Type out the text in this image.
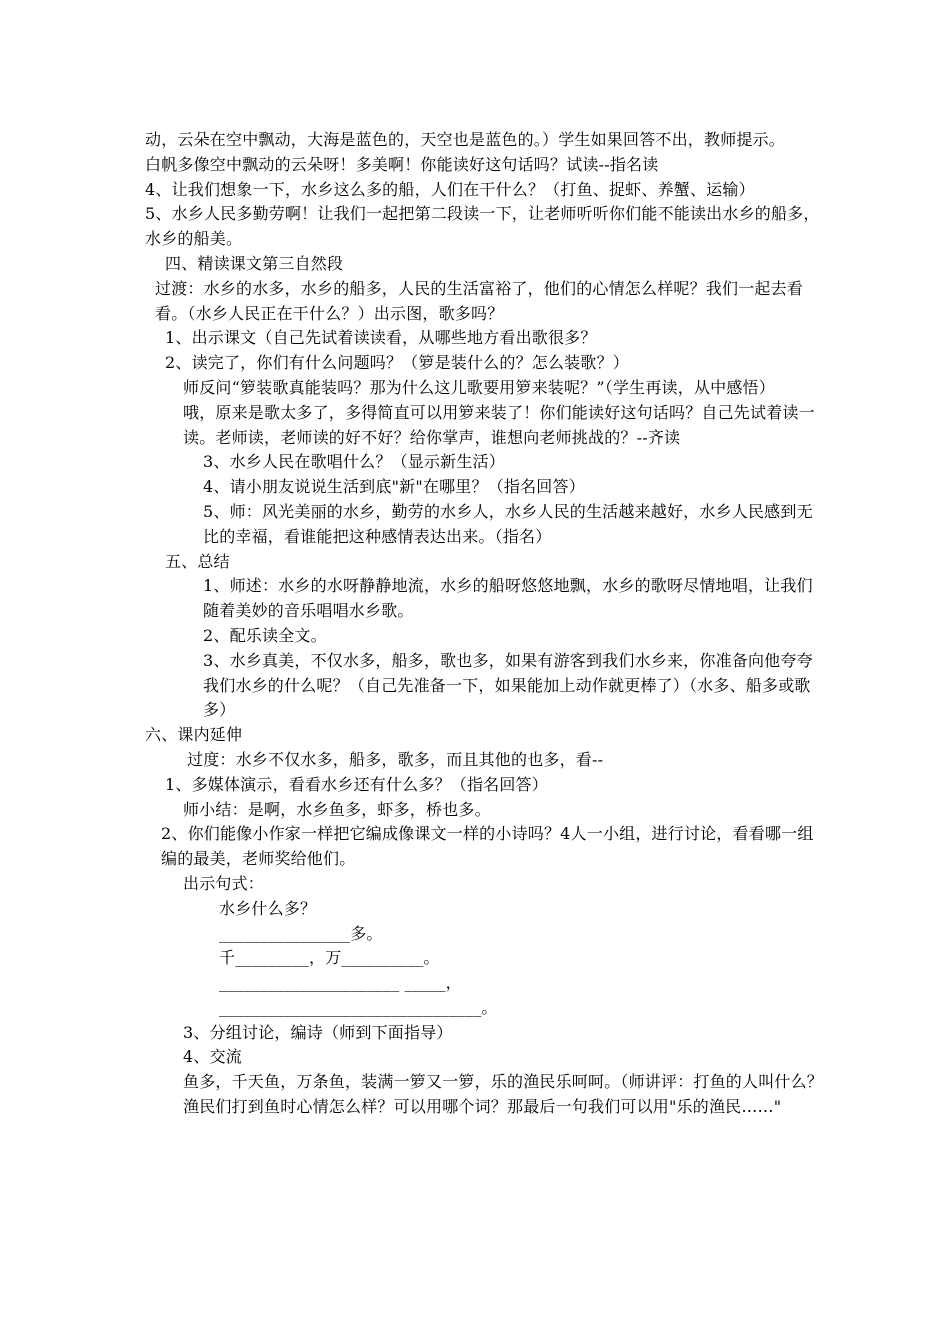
动，云朵在空中飘动，大海是蓝色的，天空也是蓝色的。）学生如果回答不出，教师提示。

白帆多像空中飘动的云朵呀！多美啊！你能读好这句话吗？试读--指名读

4、让我们想象一下，水乡这么多的船，人们在干什么？（打鱼、捉虾、养蟹、运输）

5、水乡人民多勤劳啊！让我们一起把第二段读一下，让老师听听你们能不能读出水乡的船多，水乡的船美。

四、精读课文第三自然段

过渡：水乡的水多，水乡的船多，人民的生活富裕了，他们的心情怎么样呢？我们一起去看看。（水乡人民正在干什么？）出示图，歌多吗？

1、出示课文（自己先试着读读看，从哪些地方看出歌很多？

2、读完了，你们有什么问题吗？（箩是装什么的？怎么装歌？）

师反问“箩装歌真能装吗？那为什么这儿歌要用箩来装呢？”（学生再读，从中感悟）

哦，原来是歌太多了，多得简直可以用箩来装了！你们能读好这句话吗？自己先试着读一读。老师读，老师读的好不好？给你掌声，谁想向老师挑战的？--齐读

3、水乡人民在歌唱什么？（显示新生活）

4、请小朋友说说生活到底"新"在哪里？（指名回答）

5、师：风光美丽的水乡，勤劳的水乡人，水乡人民的生活越来越好，水乡人民感到无比的幸福，看谁能把这种感情表达出来。（指名）

五、总结

1、师述：水乡的水呀静静地流，水乡的船呀悠悠地飘，水乡的歌呀尽情地唱，让我们随着美妙的音乐唱唱水乡歌。

2、配乐读全文。

3、水乡真美，不仅水多，船多，歌也多，如果有游客到我们水乡来，你准备向他夸夸我们水乡的什么呢？（自己先准备一下，如果能加上动作就更棒了）（水多、船多或歌多）

六、课内延伸

过度：水乡不仅水多，船多，歌多，而且其他的也多，看--

1、多媒体演示，看看水乡还有什么多？（指名回答）

师小结：是啊，水乡鱼多，虾多，桥也多。

2、你们能像小作家一样把它编成像课文一样的小诗吗？4人一小组，进行讨论，看看哪一组编的最美，老师奖给他们。

出示句式：

水乡什么多？

________________多。

千_________，万__________。

______________________ _____，

________________________________。

3、分组讨论，编诗（师到下面指导）

4、交流

鱼多，千天鱼，万条鱼，装满一箩又一箩，乐的渔民乐呵呵。（师讲评：打鱼的人叫什么？渔民们打到鱼时心情怎么样？可以用哪个词？那最后一句我们可以用"乐的渔民……"
